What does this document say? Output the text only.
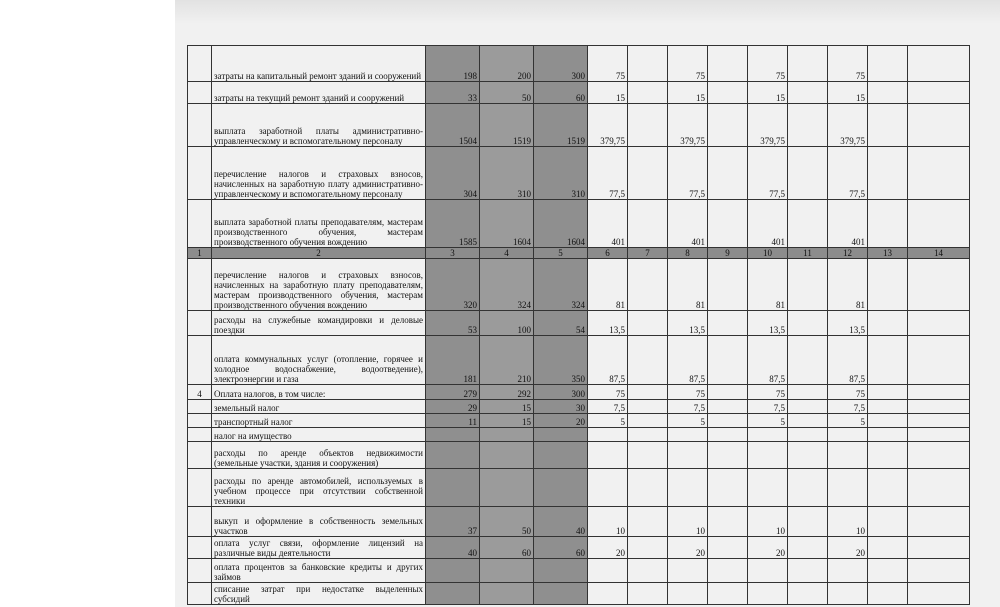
	затраты на капитальный ремонт зданий и сооружений	198	200	300	75		75		75		75		
	затраты на текущий ремонт зданий и сооружений	33	50	60	15		15		15		15		
	выплата заработной платы административно-управленческому и вспомогательному персоналу	1504	1519	1519	379,75		379,75		379,75		379,75		
	перечисление налогов и страховых взносов, начисленных на заработную плату административно-управленческому и вспомогательному персоналу	304	310	310	77,5		77,5		77,5		77,5		
	выплата заработной платы преподавателям, мастерам производственного обучения, мастерам производственного обучения вождению	1585	1604	1604	401		401		401		401		
1	2	3	4	5	6	7	8	9	10	11	12	13	14
	перечисление налогов и страховых взносов, начисленных на заработную плату преподавателям, мастерам производственного обучения, мастерам производственного обучения вождению	320	324	324	81		81		81		81		
	расходы на служебные командировки и деловые поездки	53	100	54	13,5		13,5		13,5		13,5		
	оплата коммунальных услуг (отопление, горячее и холодное водоснабжение, водоотведение), электроэнергии и газа	181	210	350	87,5		87,5		87,5		87,5		
4	Оплата налогов, в том числе:	279	292	300	75		75		75		75		
	земельный налог	29	15	30	7,5		7,5		7,5		7,5		
	транспортный налог	11	15	20	5		5		5		5		
	налог на имущество												
	расходы по аренде объектов недвижимости (земельные участки, здания и сооружения)												
	расходы по аренде автомобилей, используемых в учебном процессе при отсутствии собственной техники												
	выкуп и оформление в собственность земельных участков	37	50	40	10		10		10		10		
	оплата услуг связи, оформление лицензий на различные виды деятельности	40	60	60	20		20		20		20		
	оплата процентов за банковские кредиты и других займов												
	списание затрат при недостатке выделенных субсидий												
